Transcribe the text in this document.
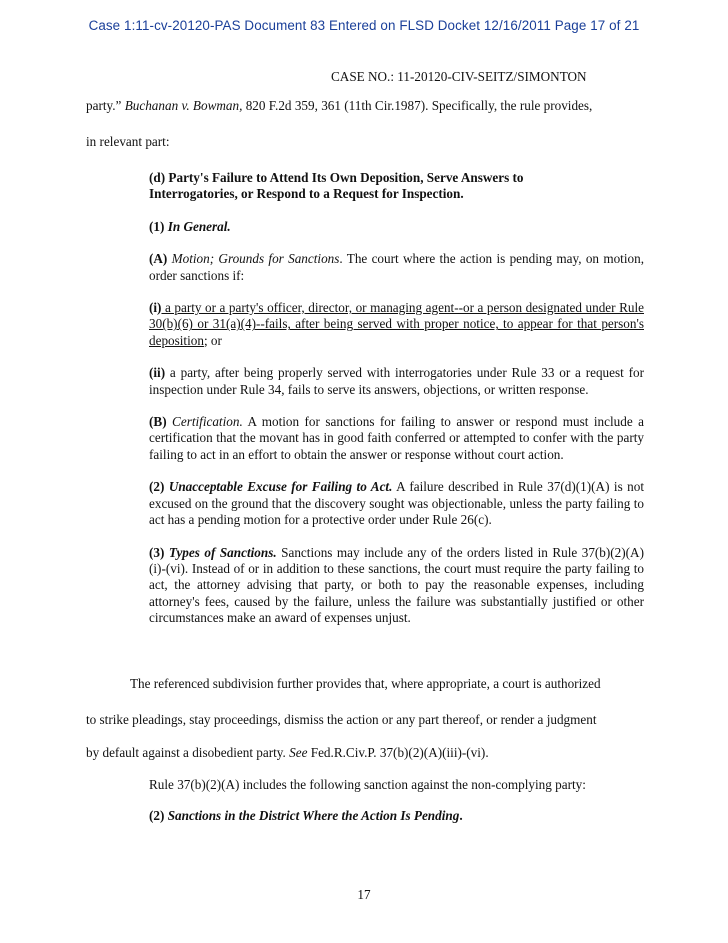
Case 1:11-cv-20120-PAS Document 83 Entered on FLSD Docket 12/16/2011 Page 17 of 21
CASE NO.: 11-20120-CIV-SEITZ/SIMONTON
party.” Buchanan v. Bowman, 820 F.2d 359, 361 (11th Cir.1987). Specifically, the rule provides,
in relevant part:

(d) Party's Failure to Attend Its Own Deposition, Serve Answers to
Interrogatories, or Respond to a Request for Inspection.

(1) In General.

(A) Motion; Grounds for Sanctions. The court where the action is pending may, on motion, order sanctions if:

(i) a party or a party's officer, director, or managing agent--or a person designated under Rule 30(b)(6) or 31(a)(4)--fails, after being served with proper notice, to appear for that person's deposition; or

(ii) a party, after being properly served with interrogatories under Rule 33 or a request for inspection under Rule 34, fails to serve its answers, objections, or written response.

(B) Certification. A motion for sanctions for failing to answer or respond must include a certification that the movant has in good faith conferred or attempted to confer with the party failing to act in an effort to obtain the answer or response without court action.

(2) Unacceptable Excuse for Failing to Act. A failure described in Rule 37(d)(1)(A) is not excused on the ground that the discovery sought was objectionable, unless the party failing to act has a pending motion for a protective order under Rule 26(c).

(3) Types of Sanctions. Sanctions may include any of the orders listed in Rule 37(b)(2)(A)(i)-(vi). Instead of or in addition to these sanctions, the court must require the party failing to act, the attorney advising that party, or both to pay the reasonable expenses, including attorney's fees, caused by the failure, unless the failure was substantially justified or other circumstances make an award of expenses unjust.

The referenced subdivision further provides that, where appropriate, a court is authorized
to strike pleadings, stay proceedings, dismiss the action or any part thereof, or render a judgment
by default against a disobedient party. See Fed.R.Civ.P. 37(b)(2)(A)(iii)-(vi).
Rule 37(b)(2)(A) includes the following sanction against the non-complying party:
(2) Sanctions in the District Where the Action Is Pending.
17
